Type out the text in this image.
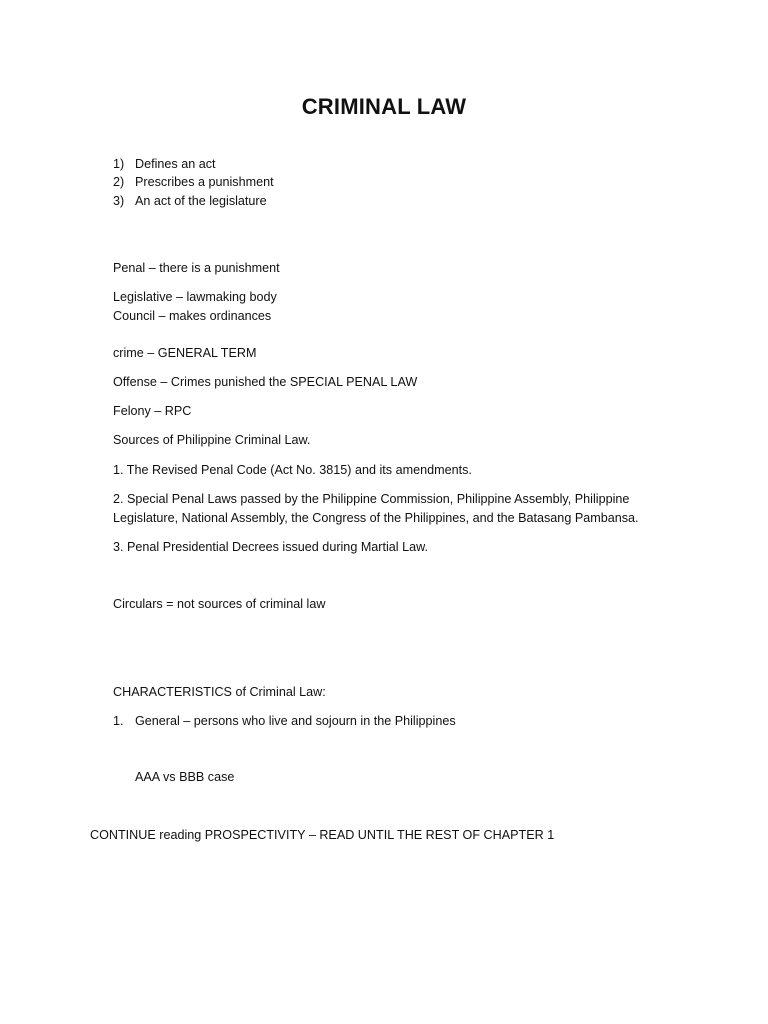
CRIMINAL LAW
1) Defines an act
2) Prescribes a punishment
3) An act of the legislature
Penal – there is a punishment
Legislative – lawmaking body
Council – makes ordinances
crime – GENERAL TERM
Offense – Crimes punished the SPECIAL PENAL LAW
Felony – RPC
Sources of Philippine Criminal Law.
1. The Revised Penal Code (Act No. 3815) and its amendments.
2. Special Penal Laws passed by the Philippine Commission, Philippine Assembly, Philippine
Legislature, National Assembly, the Congress of the Philippines, and the Batasang Pambansa.
3. Penal Presidential Decrees issued during Martial Law.
Circulars = not sources of criminal law
CHARACTERISTICS of Criminal Law:
1. General – persons who live and sojourn in the Philippines
AAA vs BBB case
CONTINUE reading PROSPECTIVITY – READ UNTIL THE REST OF CHAPTER 1
